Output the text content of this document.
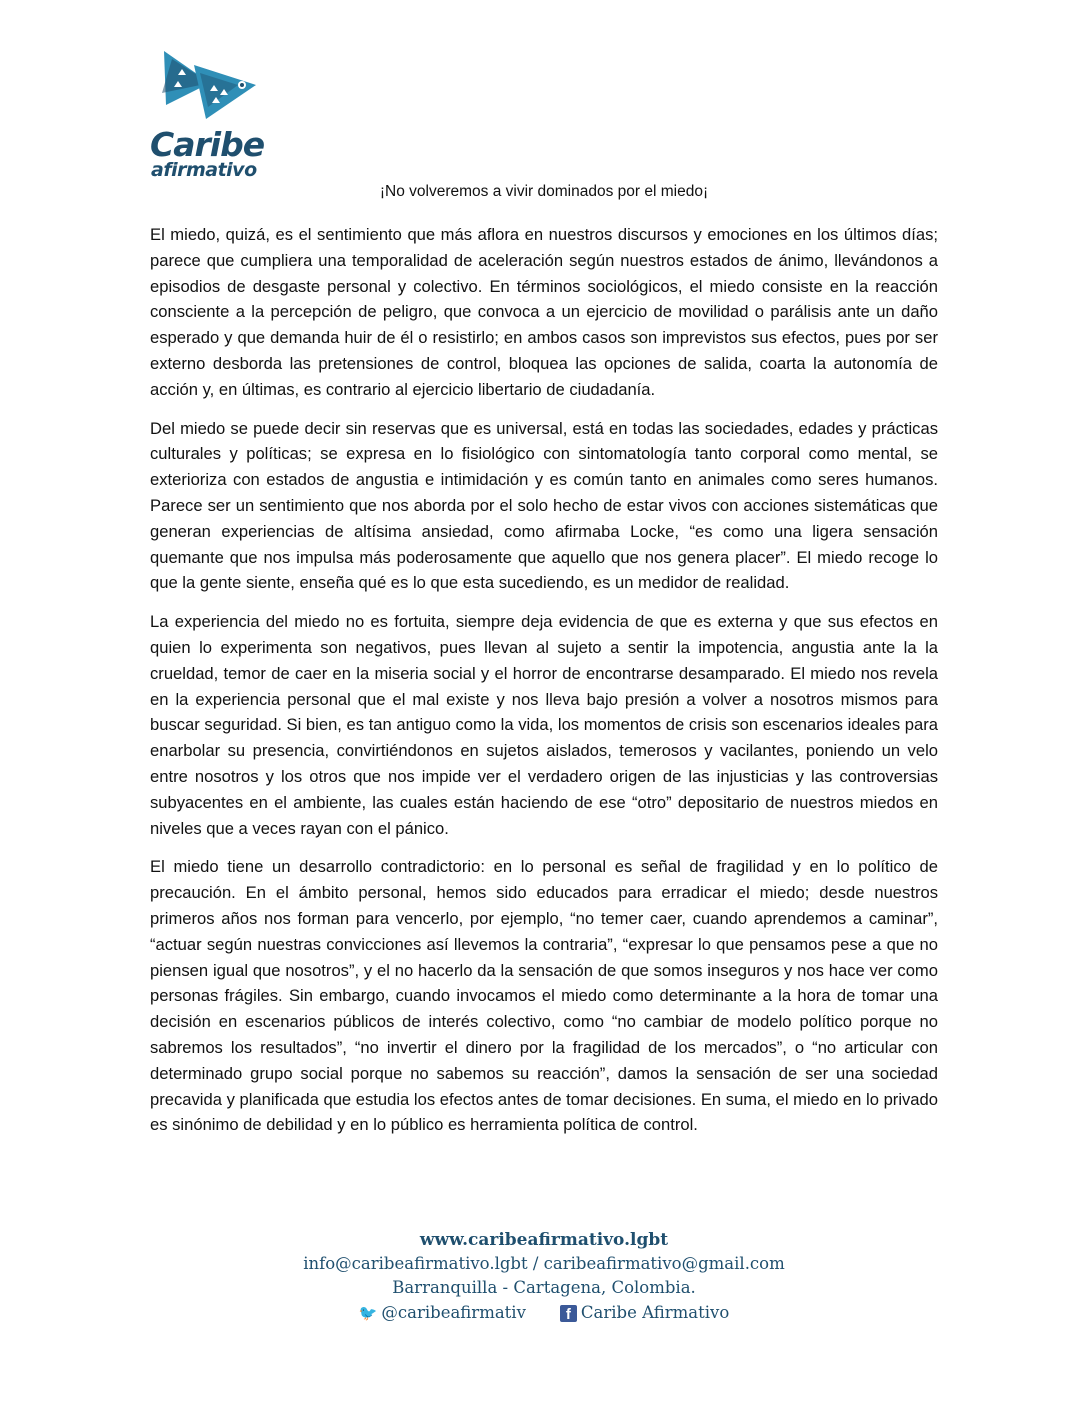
Caribe
afirmativo
¡No volveremos a vivir dominados por el miedo¡

El miedo, quizá, es el sentimiento que más aflora en nuestros discursos y emociones en los últimos días; parece que cumpliera una temporalidad de aceleración según nuestros estados de ánimo, llevándonos a episodios de desgaste personal y colectivo. En términos sociológicos, el miedo consiste en la reacción consciente a la percepción de peligro, que convoca a un ejercicio de movilidad o parálisis ante un daño esperado y que demanda huir de él o resistirlo; en ambos casos son imprevistos sus efectos, pues por ser externo desborda las pretensiones de control, bloquea las opciones de salida, coarta la autonomía de acción y, en últimas, es contrario al ejercicio libertario de ciudadanía.

Del miedo se puede decir sin reservas que es universal, está en todas las sociedades, edades y prácticas culturales y políticas; se expresa en lo fisiológico con sintomatología tanto corporal como mental, se exterioriza con estados de angustia e intimidación y es común tanto en animales como seres humanos. Parece ser un sentimiento que nos aborda por el solo hecho de estar vivos con acciones sistemáticas que generan experiencias de altísima ansiedad, como afirmaba Locke, “es como una ligera sensación quemante que nos impulsa más poderosamente que aquello que nos genera placer”. El miedo recoge lo que la gente siente, enseña qué es lo que esta sucediendo, es un medidor de realidad.

La experiencia del miedo no es fortuita, siempre deja evidencia de que es externa y que sus efectos en quien lo experimenta son negativos, pues llevan al sujeto a sentir la impotencia, angustia ante la la crueldad, temor de caer en la miseria social y el horror de encontrarse desamparado. El miedo nos revela en la experiencia personal que el mal existe y nos lleva bajo presión a volver a nosotros mismos para buscar seguridad. Si bien, es tan antiguo como la vida, los momentos de crisis son escenarios ideales para enarbolar su presencia, convirtiéndonos en sujetos aislados, temerosos y vacilantes, poniendo un velo entre nosotros y los otros que nos impide ver el verdadero origen de las injusticias y las controversias subyacentes en el ambiente, las cuales están haciendo de ese “otro” depositario de nuestros miedos en niveles que a veces rayan con el pánico.

El miedo tiene un desarrollo contradictorio: en lo personal es señal de fragilidad y en lo político de precaución. En el ámbito personal, hemos sido educados para erradicar el miedo; desde nuestros primeros años nos forman para vencerlo, por ejemplo, “no temer caer, cuando aprendemos a caminar”, “actuar según nuestras convicciones así llevemos la contraria”, “expresar lo que pensamos pese a que no piensen igual que nosotros”, y el no hacerlo da la sensación de que somos inseguros y nos hace ver como personas frágiles. Sin embargo, cuando invocamos el miedo como determinante a la hora de tomar una decisión en escenarios públicos de interés colectivo, como “no cambiar de modelo político porque no sabremos los resultados”, “no invertir el dinero por la fragilidad de los mercados”, o “no articular con determinado grupo social porque no sabemos su reacción”, damos la sensación de ser una sociedad precavida y planificada que estudia los efectos antes de tomar decisiones. En suma, el miedo en lo privado es sinónimo de debilidad y en lo público es herramienta política de control.

www.caribeafirmativo.lgbt
info@caribeafirmativo.lgbt / caribeafirmativo@gmail.com
Barranquilla - Cartagena, Colombia.
🐦 @caribeafirmativ	f Caribe Afirmativo
